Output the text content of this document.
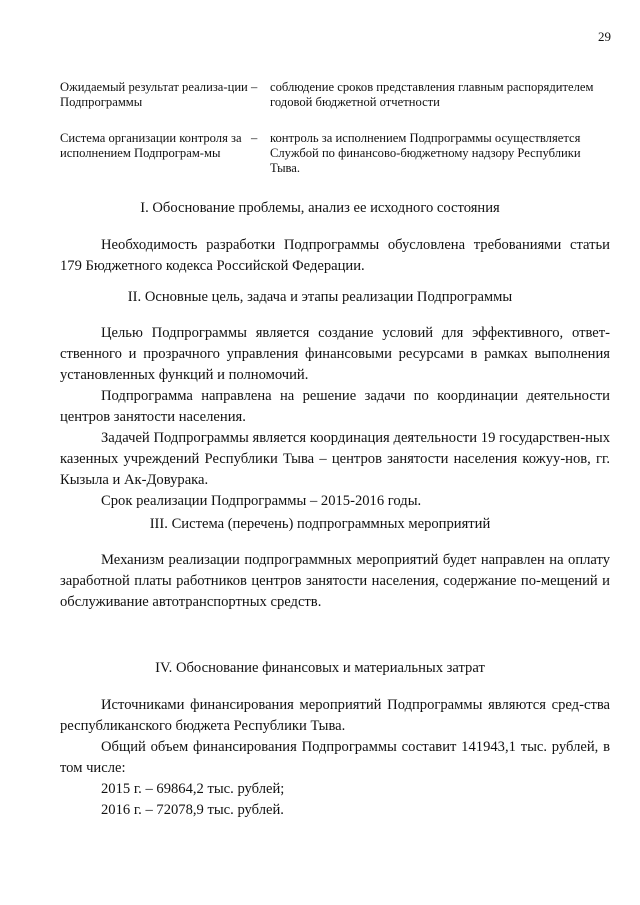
29
Ожидаемый результат реализа-ции Подпрограммы
–	соблюдение сроков представления главным распорядителем годовой бюджетной отчетности
Система организации контроля за исполнением Подпрограм-мы
–	контроль за исполнением Подпрограммы осуществляется Службой по финансово-бюджетному надзору Республики Тыва.
I. Обоснование проблемы, анализ ее исходного состояния

Необходимость разработки Подпрограммы обусловлена требованиями статьи 179 Бюджетного кодекса Российской Федерации.

II. Основные цель, задача и этапы реализации Подпрограммы

Целью Подпрограммы является создание условий для эффективного, ответ-ственного и прозрачного управления финансовыми ресурсами в рамках выполнения установленных функций и полномочий.

Подпрограмма направлена на решение задачи по координации деятельности центров занятости населения.

Задачей Подпрограммы является координация деятельности 19 государствен-ных казенных учреждений Республики Тыва – центров занятости населения кожуу-нов, гг. Кызыла и Ак-Довурака.

Срок реализации Подпрограммы – 2015-2016 годы.

III. Система (перечень) подпрограммных мероприятий

Механизм реализации подпрограммных мероприятий будет направлен на оплату заработной платы работников центров занятости населения, содержание по-мещений и обслуживание автотранспортных средств.

IV. Обоснование финансовых и материальных затрат

Источниками финансирования мероприятий Подпрограммы являются сред-ства республиканского бюджета Республики Тыва.

Общий объем финансирования Подпрограммы составит 141943,1 тыс. рублей, в том числе:

2015 г. – 69864,2 тыс. рублей;

2016 г. – 72078,9 тыс. рублей.
